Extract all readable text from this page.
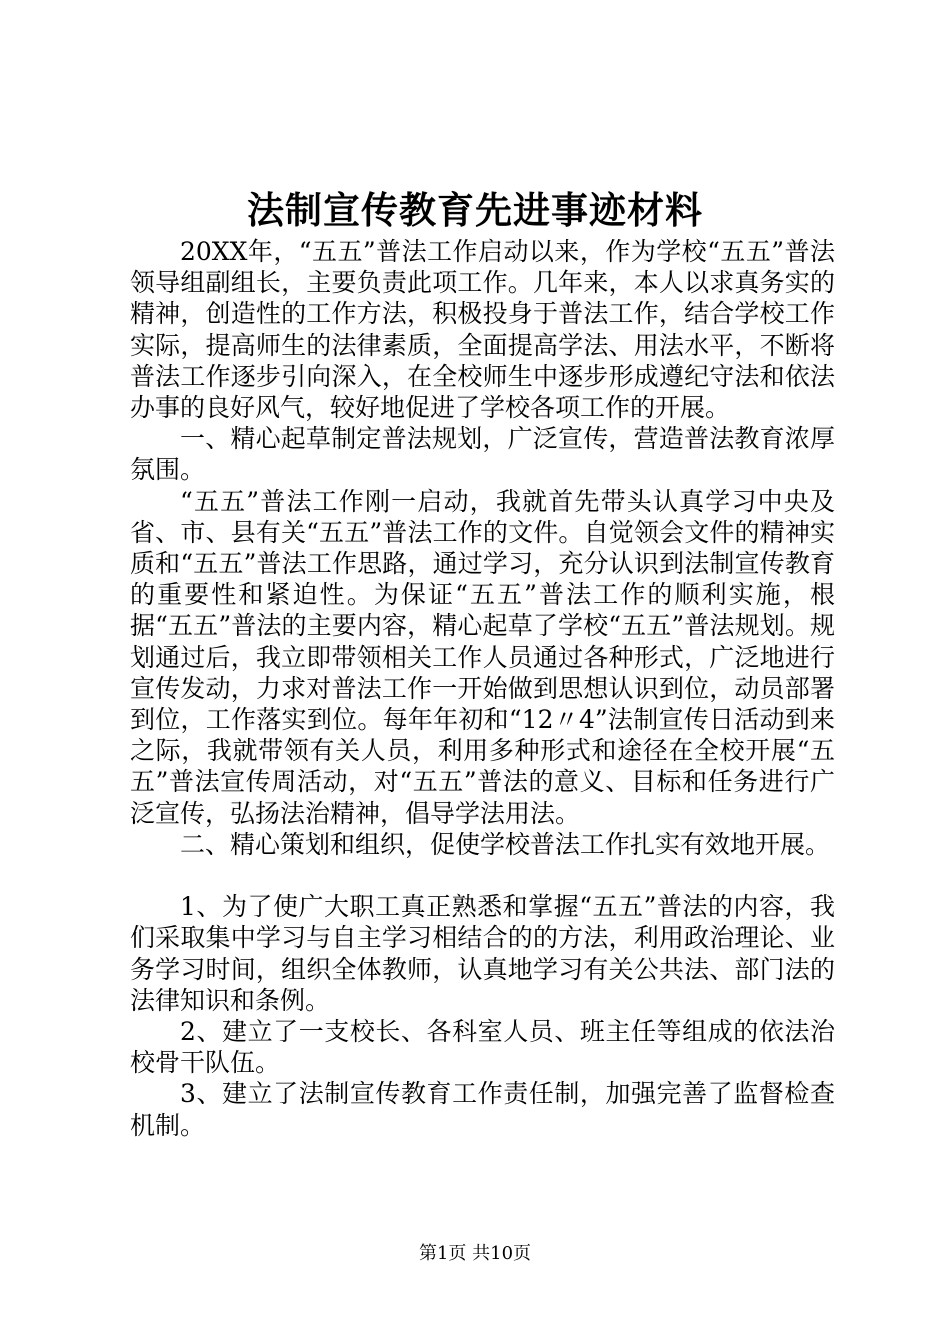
法制宣传教育先进事迹材料

20XX年，“五五”普法工作启动以来，作为学校“五五”普法领导组副组长，主要负责此项工作。几年来，本人以求真务实的精神，创造性的工作方法，积极投身于普法工作，结合学校工作实际，提高师生的法律素质，全面提高学法、用法水平，不断将普法工作逐步引向深入，在全校师生中逐步形成遵纪守法和依法办事的良好风气，较好地促进了学校各项工作的开展。

一、精心起草制定普法规划，广泛宣传，营造普法教育浓厚氛围。

“五五”普法工作刚一启动，我就首先带头认真学习中央及省、市、县有关“五五”普法工作的文件。自觉领会文件的精神实质和“五五”普法工作思路，通过学习，充分认识到法制宣传教育的重要性和紧迫性。为保证“五五”普法工作的顺利实施，根据“五五”普法的主要内容，精心起草了学校“五五”普法规划。规划通过后，我立即带领相关工作人员通过各种形式，广泛地进行宣传发动，力求对普法工作一开始做到思想认识到位，动员部署到位，工作落实到位。每年年初和“12〃4”法制宣传日活动到来之际，我就带领有关人员，利用多种形式和途径在全校开展“五五”普法宣传周活动，对“五五”普法的意义、目标和任务进行广泛宣传，弘扬法治精神，倡导学法用法。

二、精心策划和组织，促使学校普法工作扎实有效地开展。

1、为了使广大职工真正熟悉和掌握“五五”普法的内容，我们采取集中学习与自主学习相结合的的方法，利用政治理论、业务学习时间，组织全体教师，认真地学习有关公共法、部门法的法律知识和条例。

2、建立了一支校长、各科室人员、班主任等组成的依法治校骨干队伍。

3、建立了法制宣传教育工作责任制，加强完善了监督检查机制。

第1页 共10页
